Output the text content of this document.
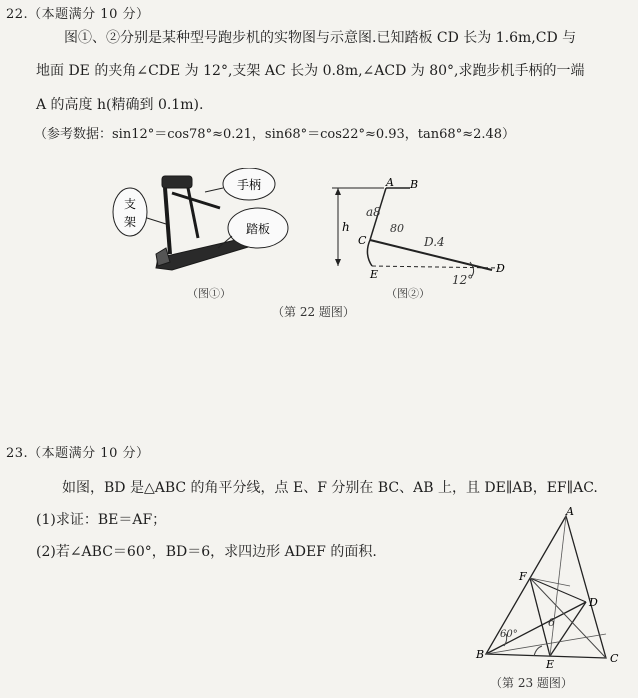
22.（本题满分 10 分）
图①、②分别是某种型号跑步机的实物图与示意图.已知踏板 CD 长为 1.6m,CD 与
地面 DE 的夹角∠CDE 为 12°,支架 AC 长为 0.8m,∠ACD 为 80°,求跑步机手柄的一端
A 的高度 h(精确到 0.1m).
（参考数据：sin12°＝cos78°≈0.21，sin68°＝cos22°≈0.93，tan68°≈2.48）
手柄
支
架	踏板
（图①）
h
A B
C
E	D
a8
80
D.4
12°
（图②）
（第 22 题图）
23.（本题满分 10 分）
如图，BD 是△ABC 的角平分线，点 E、F 分别在 BC、AB 上，且 DE∥AB，EF∥AC.
(1)求证：BE＝AF；
(2)若∠ABC＝60°，BD＝6，求四边形 ADEF 的面积.
A
B	C
D
E
F
60°
6
（第 23 题图）
